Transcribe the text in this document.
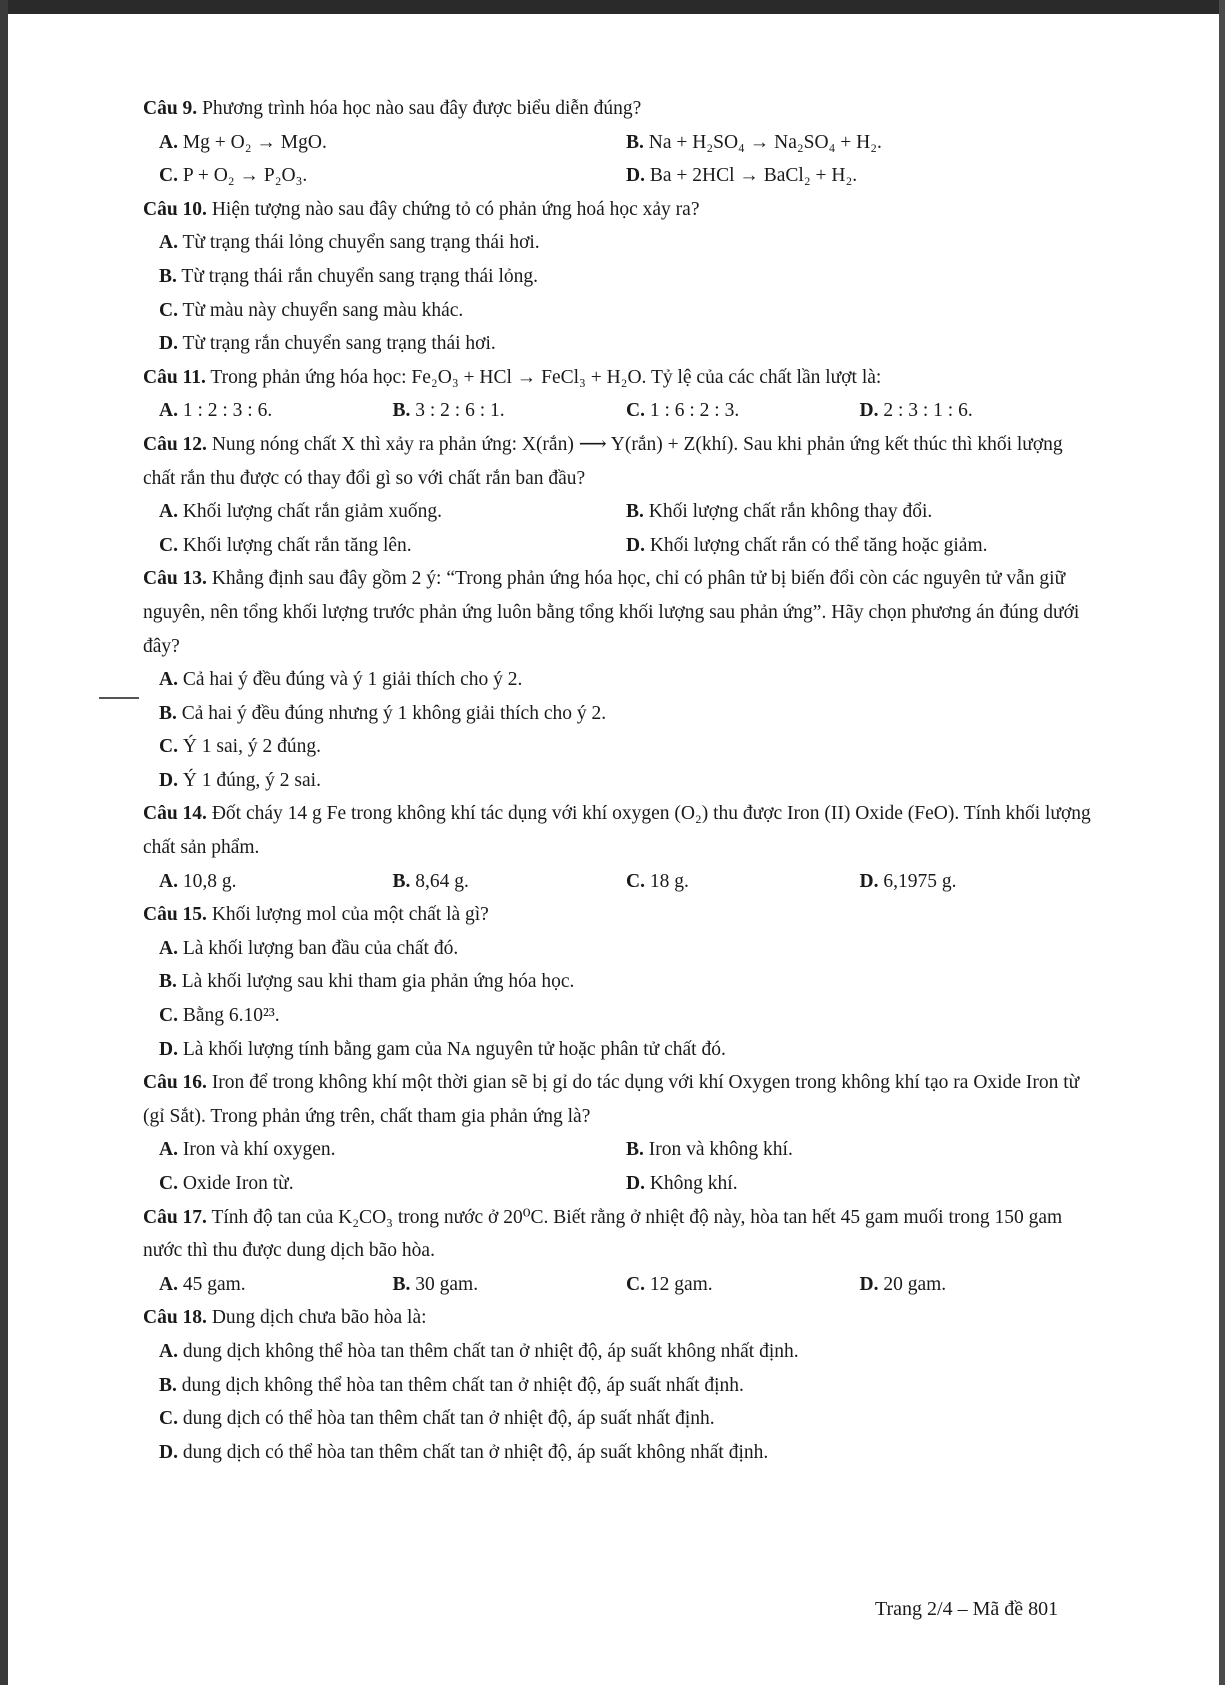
Câu 9. Phương trình hóa học nào sau đây được biểu diễn đúng?

A. Mg + O₂ → MgO.	B. Na + H₂SO₄ → Na₂SO₄ + H₂.
C. P + O₂ → P₂O₃.	D. Ba + 2HCl → BaCl₂ + H₂.

Câu 10. Hiện tượng nào sau đây chứng tỏ có phản ứng hoá học xảy ra?

A. Từ trạng thái lỏng chuyển sang trạng thái hơi.
B. Từ trạng thái rắn chuyển sang trạng thái lỏng.
C. Từ màu này chuyển sang màu khác.
D. Từ trạng rắn chuyển sang trạng thái hơi.

Câu 11. Trong phản ứng hóa học: Fe₂O₃ + HCl → FeCl₃ + H₂O. Tỷ lệ của các chất lần lượt là:

A. 1 : 2 : 3 : 6.	B. 3 : 2 : 6 : 1.	C. 1 : 6 : 2 : 3.	D. 2 : 3 : 1 : 6.

Câu 12. Nung nóng chất X thì xảy ra phản ứng: X(rắn) ⟶ Y(rắn) + Z(khí). Sau khi phản ứng kết thúc thì khối lượng chất rắn thu được có thay đổi gì so với chất rắn ban đầu?

A. Khối lượng chất rắn giảm xuống.	B. Khối lượng chất rắn không thay đổi.
C. Khối lượng chất rắn tăng lên.	D. Khối lượng chất rắn có thể tăng hoặc giảm.

Câu 13. Khẳng định sau đây gồm 2 ý: “Trong phản ứng hóa học, chỉ có phân tử bị biến đổi còn các nguyên tử vẫn giữ nguyên, nên tổng khối lượng trước phản ứng luôn bằng tổng khối lượng sau phản ứng”. Hãy chọn phương án đúng dưới đây?

A. Cả hai ý đều đúng và ý 1 giải thích cho ý 2.
B. Cả hai ý đều đúng nhưng ý 1 không giải thích cho ý 2.
C. Ý 1 sai, ý 2 đúng.
D. Ý 1 đúng, ý 2 sai.

Câu 14. Đốt cháy 14 g Fe trong không khí tác dụng với khí oxygen (O₂) thu được Iron (II) Oxide (FeO). Tính khối lượng chất sản phẩm.

A. 10,8 g.	B. 8,64 g.	C. 18 g.	D. 6,1975 g.

Câu 15. Khối lượng mol của một chất là gì?

A. Là khối lượng ban đầu của chất đó.
B. Là khối lượng sau khi tham gia phản ứng hóa học.
C. Bằng 6.10²³.
D. Là khối lượng tính bằng gam của Nᴀ nguyên tử hoặc phân tử chất đó.

Câu 16. Iron để trong không khí một thời gian sẽ bị gỉ do tác dụng với khí Oxygen trong không khí tạo ra Oxide Iron từ (gỉ Sắt). Trong phản ứng trên, chất tham gia phản ứng là?

A. Iron và khí oxygen.	B. Iron và không khí.
C. Oxide Iron từ.	D. Không khí.

Câu 17. Tính độ tan của K₂CO₃ trong nước ở 20⁰C. Biết rằng ở nhiệt độ này, hòa tan hết 45 gam muối trong 150 gam nước thì thu được dung dịch bão hòa.

A. 45 gam.	B. 30 gam.	C. 12 gam.	D. 20 gam.

Câu 18. Dung dịch chưa bão hòa là:

A. dung dịch không thể hòa tan thêm chất tan ở nhiệt độ, áp suất không nhất định.
B. dung dịch không thể hòa tan thêm chất tan ở nhiệt độ, áp suất nhất định.
C. dung dịch có thể hòa tan thêm chất tan ở nhiệt độ, áp suất nhất định.
D. dung dịch có thể hòa tan thêm chất tan ở nhiệt độ, áp suất không nhất định.
Trang 2/4 – Mã đề 801
